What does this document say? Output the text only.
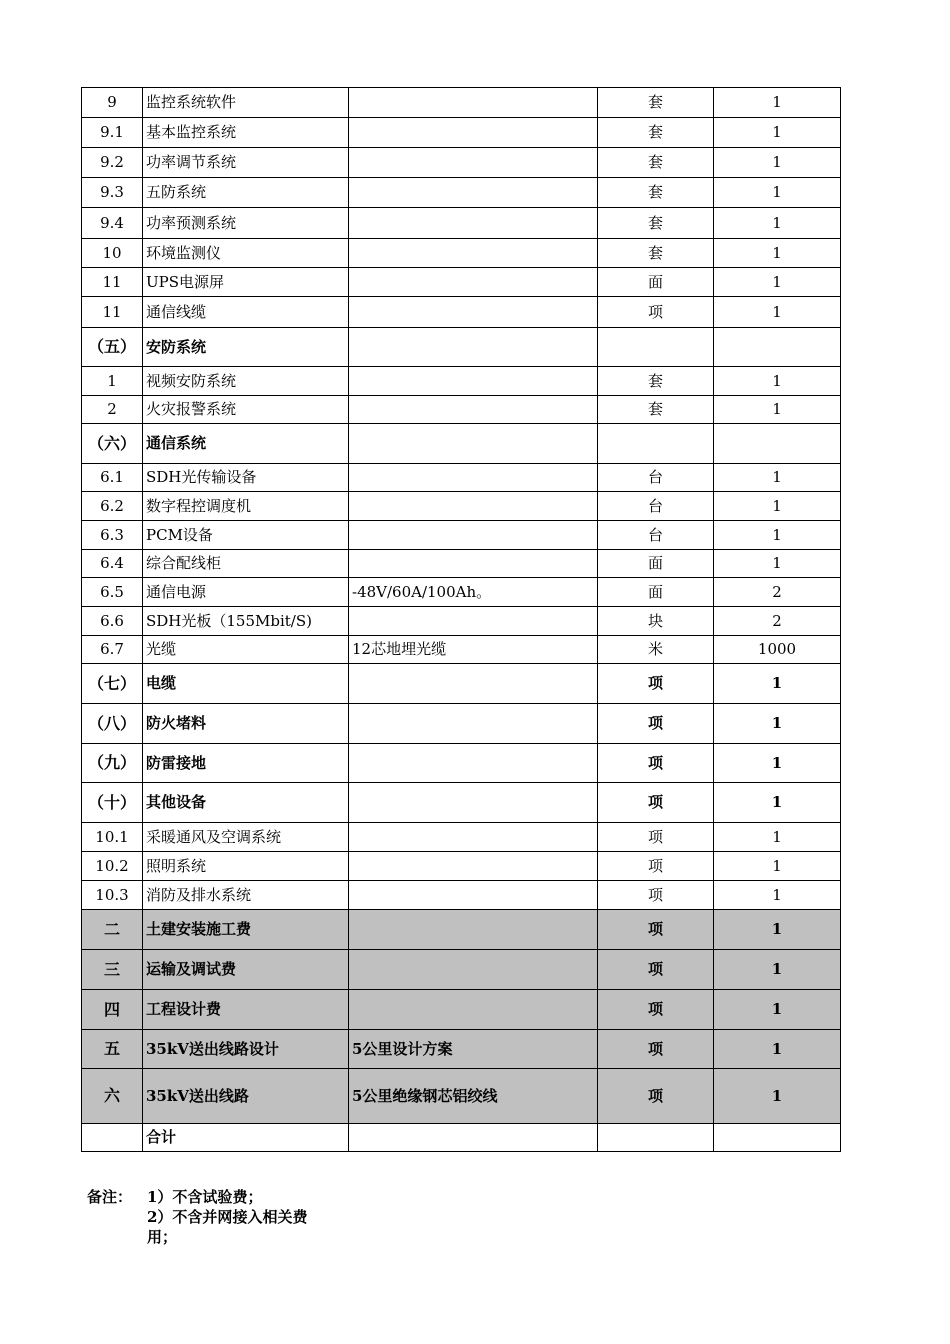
9	监控系统软件		套	1
9.1	基本监控系统		套	1
9.2	功率调节系统		套	1
9.3	五防系统		套	1
9.4	功率预测系统		套	1
10	环境监测仪		套	1
11	UPS电源屏		面	1
11	通信线缆		项	1
（五）	安防系统			
1	视频安防系统		套	1
2	火灾报警系统		套	1
（六）	通信系统			
6.1	SDH光传输设备		台	1
6.2	数字程控调度机		台	1
6.3	PCM设备		台	1
6.4	综合配线柜		面	1
6.5	通信电源	-48V/60A/100Ah。	面	2
6.6	SDH光板（155Mbit/S)		块	2
6.7	光缆	12芯地埋光缆	米	1000
（七）	电缆		项	1
（八）	防火堵料		项	1
（九）	防雷接地		项	1
（十）	其他设备		项	1
10.1	采暖通风及空调系统		项	1
10.2	照明系统		项	1
10.3	消防及排水系统		项	1
二	土建安装施工费		项	1
三	运输及调试费		项	1
四	工程设计费		项	1
五	35kV送出线路设计	5公里设计方案	项	1
六	35kV送出线路	5公里绝缘钢芯铝绞线	项	1
	合计			
备注： 1）不含试验费；
2）不含并网接入相关费
用；
